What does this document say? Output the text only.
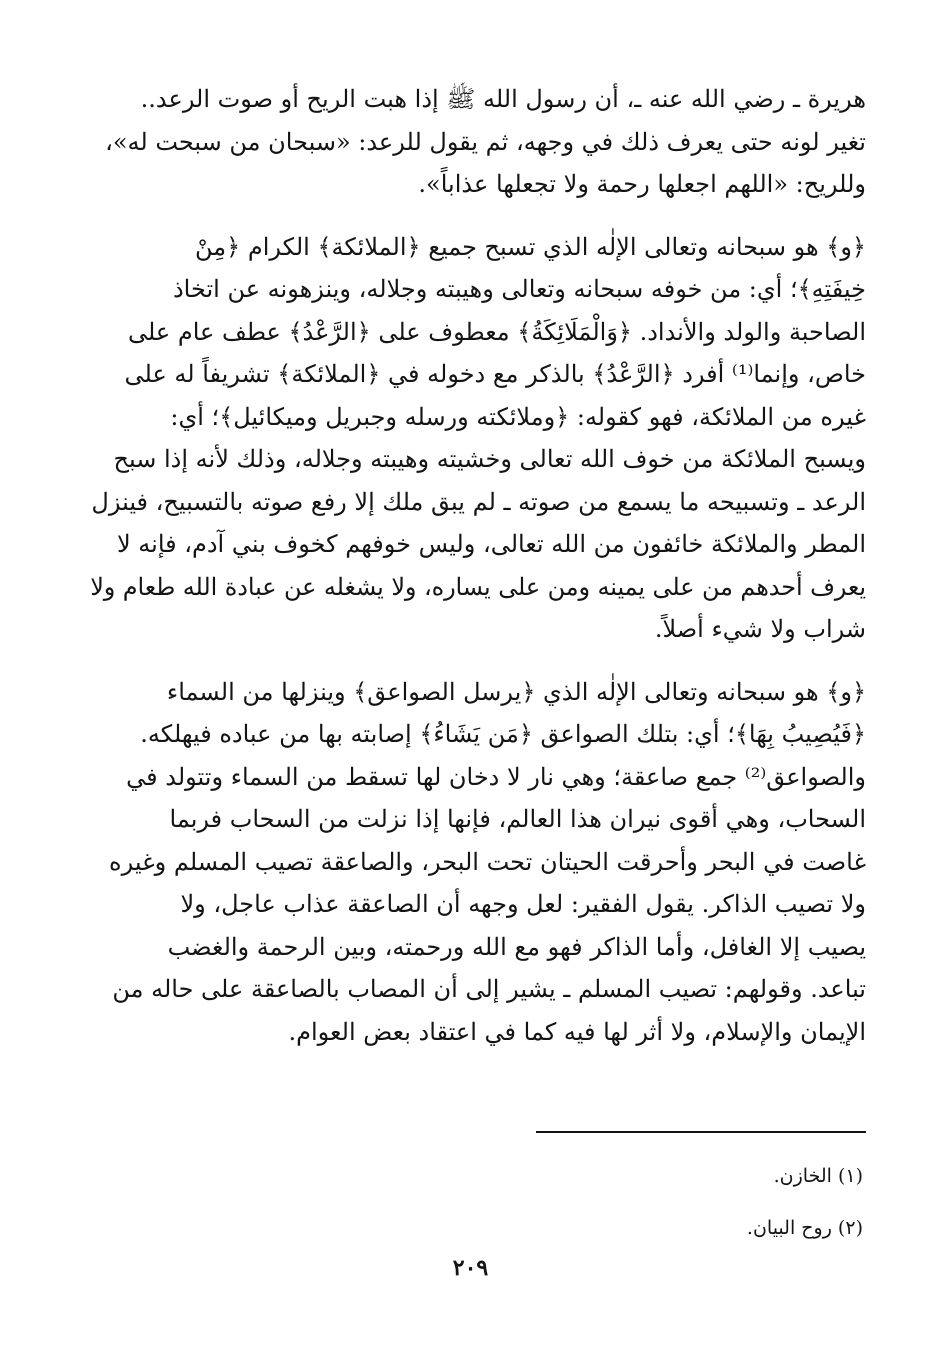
هريرة ـ رضي الله عنه ـ، أن رسول الله ﷺ إذا هبت الريح أو صوت الرعد..
تغير لونه حتى يعرف ذلك في وجهه، ثم يقول للرعد: «سبحان من سبحت له»،
وللريح: «اللهم اجعلها رحمة ولا تجعلها عذاباً».

﴿و﴾ هو سبحانه وتعالى الإلٰه الذي تسبح جميع ﴿الملائكة﴾ الكرام ﴿مِنْ
خِيفَتِهِ﴾؛ أي: من خوفه سبحانه وتعالى وهيبته وجلاله، وينزهونه عن اتخاذ
الصاحبة والولد والأنداد. ﴿وَالْمَلَائِكَةُ﴾ معطوف على ﴿الرَّعْدُ﴾ عطف عام على
خاص، وإنما⁽¹⁾ أفرد ﴿الرَّعْدُ﴾ بالذكر مع دخوله في ﴿الملائكة﴾ تشريفاً له على
غيره من الملائكة، فهو كقوله: ﴿وملائكته ورسله وجبريل وميكائيل﴾؛ أي:
ويسبح الملائكة من خوف الله تعالى وخشيته وهيبته وجلاله، وذلك لأنه إذا سبح
الرعد ـ وتسبيحه ما يسمع من صوته ـ لم يبق ملك إلا رفع صوته بالتسبيح، فينزل
المطر والملائكة خائفون من الله تعالى، وليس خوفهم كخوف بني آدم، فإنه لا
يعرف أحدهم من على يمينه ومن على يساره، ولا يشغله عن عبادة الله طعام ولا
شراب ولا شيء أصلاً.

﴿و﴾ هو سبحانه وتعالى الإلٰه الذي ﴿يرسل الصواعق﴾ وينزلها من السماء
﴿فَيُصِيبُ بِهَا﴾؛ أي: بتلك الصواعق ﴿مَن يَشَاءُ﴾ إصابته بها من عباده فيهلكه.
والصواعق⁽²⁾ جمع صاعقة؛ وهي نار لا دخان لها تسقط من السماء وتتولد في
السحاب، وهي أقوى نيران هذا العالم، فإنها إذا نزلت من السحاب فربما
غاصت في البحر وأحرقت الحيتان تحت البحر، والصاعقة تصيب المسلم وغيره
ولا تصيب الذاكر. يقول الفقير: لعل وجهه أن الصاعقة عذاب عاجل، ولا
يصيب إلا الغافل، وأما الذاكر فهو مع الله ورحمته، وبين الرحمة والغضب
تباعد. وقولهم: تصيب المسلم ـ يشير إلى أن المصاب بالصاعقة على حاله من
الإيمان والإسلام، ولا أثر لها فيه كما في اعتقاد بعض العوام.

(١) الخازن.
(٢) روح البيان.
٢٠٩
